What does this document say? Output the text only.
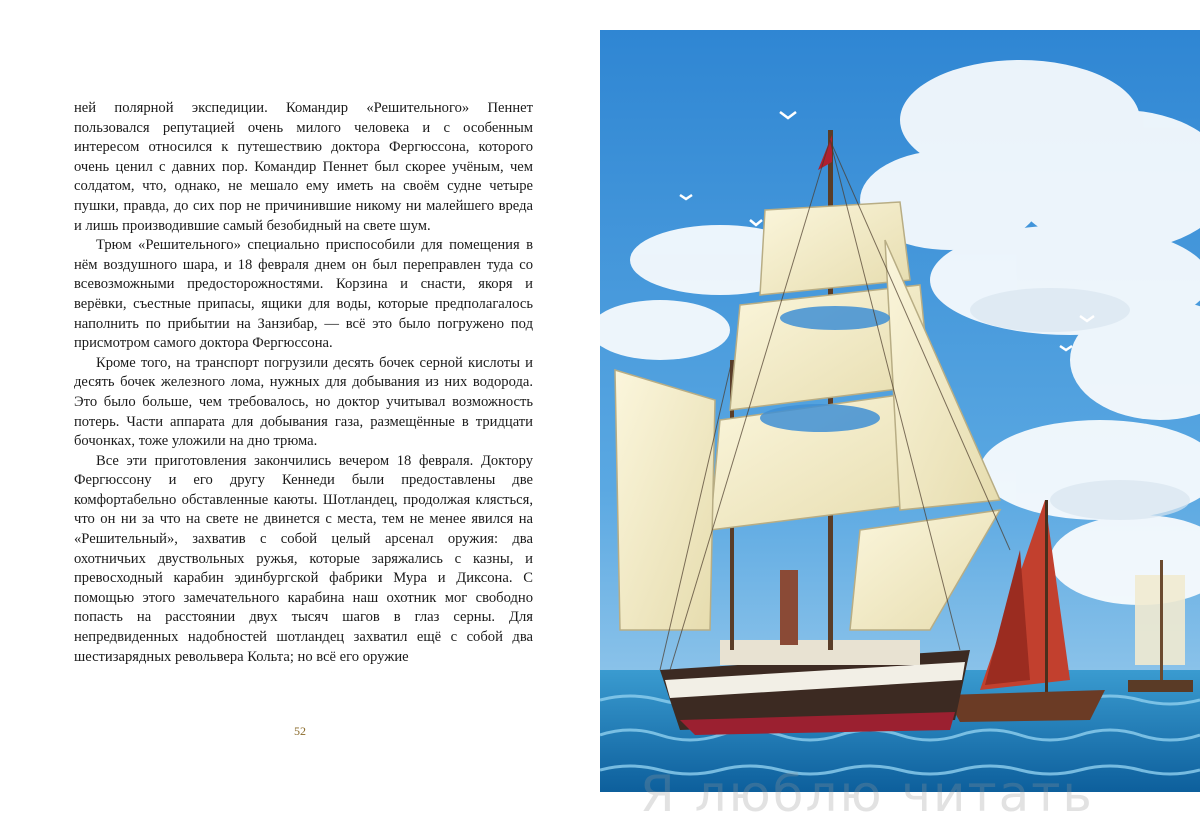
ней полярной экспедиции. Командир «Решительного» Пеннет пользовался репутацией очень милого человека и с особенным интересом относился к путешествию доктора Фергюссона, которого очень ценил с давних пор. Командир Пеннет был скорее учёным, чем солдатом, что, однако, не мешало ему иметь на своём судне четыре пушки, правда, до сих пор не причинившие никому ни малейшего вреда и лишь производившие самый безобидный на свете шум.

Трюм «Решительного» специально приспособили для помещения в нём воздушного шара, и 18 февраля днем он был переправлен туда со всевозможными предосторожностями. Корзина и снасти, якоря и верёвки, съестные припасы, ящики для воды, которые предполагалось наполнить по прибытии на Занзибар, — всё это было погружено под присмотром самого доктора Фергюссона.

Кроме того, на транспорт погрузили десять бочек серной кислоты и десять бочек железного лома, нужных для добывания из них водорода. Это было больше, чем требовалось, но доктор учитывал возможность потерь. Части аппарата для добывания газа, размещённые в тридцати бочонках, тоже уложили на дно трюма.

Все эти приготовления закончились вечером 18 февраля. Доктору Фергюссону и его другу Кеннеди были предоставлены две комфортабельно обставленные каюты. Шотландец, продолжая клясться, что он ни за что на свете не двинется с места, тем не менее явился на «Решительный», захватив с собой целый арсенал оружия: два охотничьих двуствольных ружья, которые заряжались с казны, и превосходный карабин эдинбургской фабрики Мура и Диксона. С помощью этого замечательного карабина наш охотник мог свободно попасть на расстоянии двух тысяч шагов в глаз серны. Для непредвиденных надобностей шотландец захватил ещё с собой два шестизарядных револьвера Кольта; но всё его оружие

52
Я люблю читать
